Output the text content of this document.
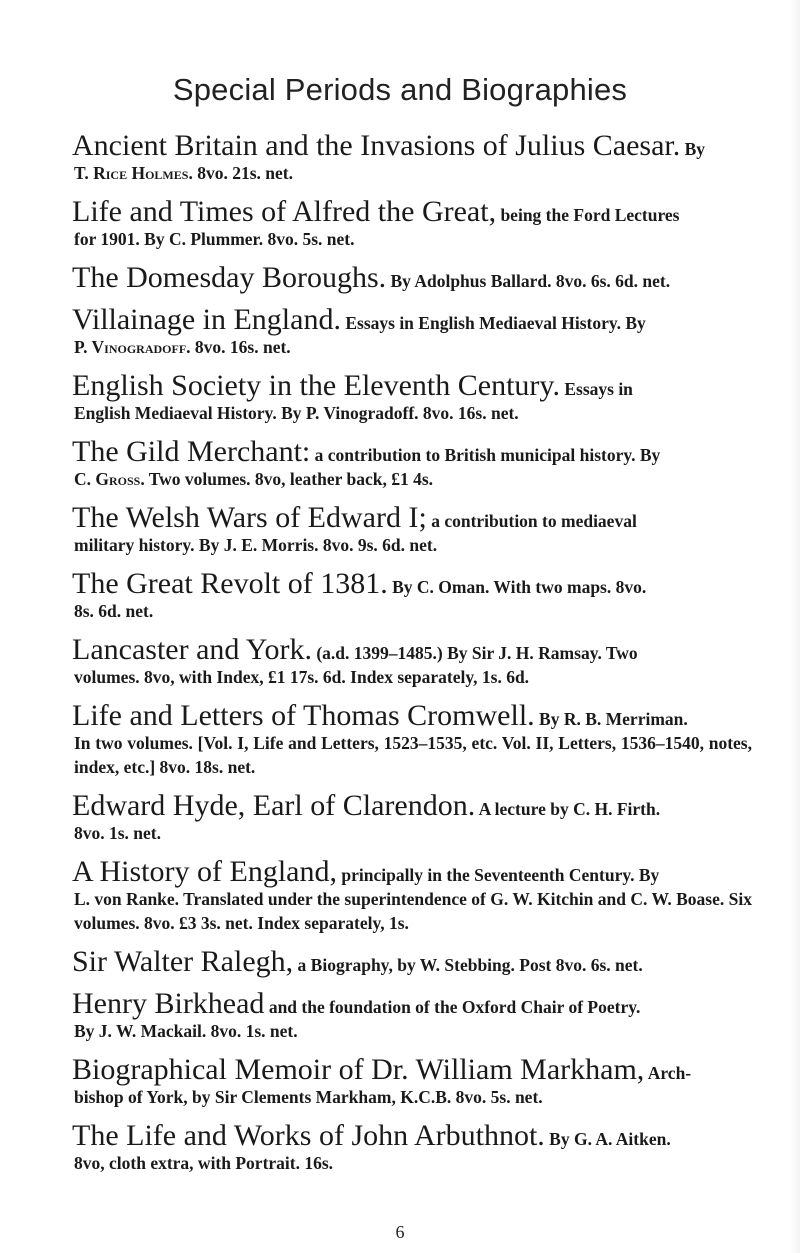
Special Periods and Biographies
Ancient Britain and the Invasions of Julius Caesar. By
T. Rice Holmes. 8vo. 21s. net.
Life and Times of Alfred the Great, being the Ford Lectures
for 1901. By C. Plummer. 8vo. 5s. net.
The Domesday Boroughs. By Adolphus Ballard. 8vo. 6s. 6d. net.
Villainage in England. Essays in English Mediaeval History. By
P. Vinogradoff. 8vo. 16s. net.
English Society in the Eleventh Century. Essays in
English Mediaeval History. By P. Vinogradoff. 8vo. 16s. net.
The Gild Merchant: a contribution to British municipal history. By
C. Gross. Two volumes. 8vo, leather back, £1 4s.
The Welsh Wars of Edward I; a contribution to mediaeval
military history. By J. E. Morris. 8vo. 9s. 6d. net.
The Great Revolt of 1381. By C. Oman. With two maps. 8vo.
8s. 6d. net.
Lancaster and York. (a.d. 1399–1485.) By Sir J. H. Ramsay. Two
volumes. 8vo, with Index, £1 17s. 6d. Index separately, 1s. 6d.
Life and Letters of Thomas Cromwell. By R. B. Merriman.
In two volumes. [Vol. I, Life and Letters, 1523–1535, etc. Vol. II, Letters, 1536–1540, notes, index, etc.] 8vo. 18s. net.
Edward Hyde, Earl of Clarendon. A lecture by C. H. Firth.
8vo. 1s. net.
A History of England, principally in the Seventeenth Century. By
L. von Ranke. Translated under the superintendence of G. W. Kitchin and C. W. Boase. Six volumes. 8vo. £3 3s. net. Index separately, 1s.
Sir Walter Ralegh, a Biography, by W. Stebbing. Post 8vo. 6s. net.
Henry Birkhead and the foundation of the Oxford Chair of Poetry.
By J. W. Mackail. 8vo. 1s. net.
Biographical Memoir of Dr. William Markham, Arch-
bishop of York, by Sir Clements Markham, K.C.B. 8vo. 5s. net.
The Life and Works of John Arbuthnot. By G. A. Aitken.
8vo, cloth extra, with Portrait. 16s.
6
